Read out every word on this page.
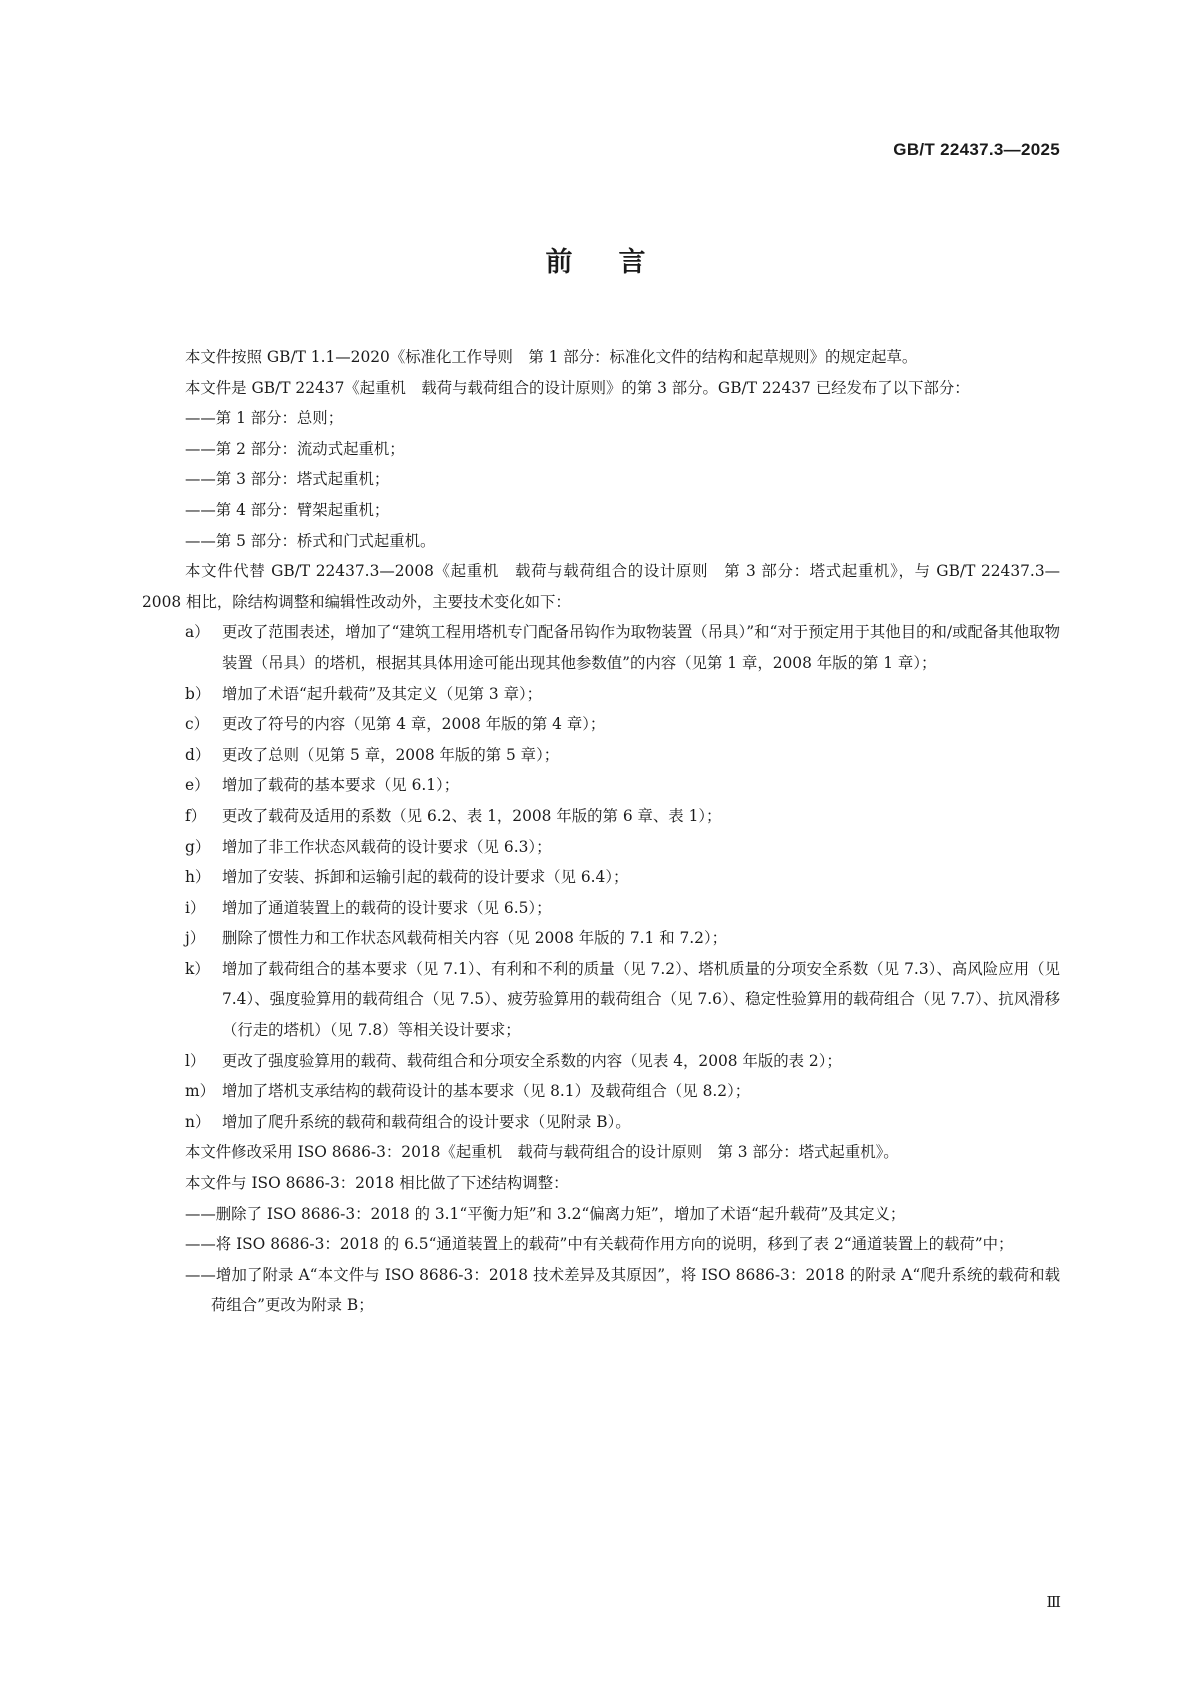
GB/T 22437.3—2025
前言

本文件按照 GB/T 1.1—2020《标准化工作导则　第 1 部分：标准化文件的结构和起草规则》的规定起草。

本文件是 GB/T 22437《起重机　载荷与载荷组合的设计原则》的第 3 部分。GB/T 22437 已经发布了以下部分：

——第 1 部分：总则；

——第 2 部分：流动式起重机；

——第 3 部分：塔式起重机；

——第 4 部分：臂架起重机；

——第 5 部分：桥式和门式起重机。

本文件代替 GB/T 22437.3—2008《起重机　载荷与载荷组合的设计原则　第 3 部分：塔式起重机》，与 GB/T 22437.3—2008 相比，除结构调整和编辑性改动外，主要技术变化如下：

a） 更改了范围表述，增加了“建筑工程用塔机专门配备吊钩作为取物装置（吊具）”和“对于预定用于其他目的和/或配备其他取物装置（吊具）的塔机，根据其具体用途可能出现其他参数值”的内容（见第 1 章，2008 年版的第 1 章）；
b） 增加了术语“起升载荷”及其定义（见第 3 章）；
c） 更改了符号的内容（见第 4 章，2008 年版的第 4 章）；
d） 更改了总则（见第 5 章，2008 年版的第 5 章）；
e） 增加了载荷的基本要求（见 6.1）；
f）	更改了载荷及适用的系数（见 6.2、表 1，2008 年版的第 6 章、表 1）；
g） 增加了非工作状态风载荷的设计要求（见 6.3）；
h） 增加了安装、拆卸和运输引起的载荷的设计要求（见 6.4）；
i）	增加了通道装置上的载荷的设计要求（见 6.5）；
j）	删除了惯性力和工作状态风载荷相关内容（见 2008 年版的 7.1 和 7.2）；
k） 增加了载荷组合的基本要求（见 7.1）、有利和不利的质量（见 7.2）、塔机质量的分项安全系数（见 7.3）、高风险应用（见 7.4）、强度验算用的载荷组合（见 7.5）、疲劳验算用的载荷组合（见 7.6）、稳定性验算用的载荷组合（见 7.7）、抗风滑移（行走的塔机）（见 7.8）等相关设计要求；
l）	更改了强度验算用的载荷、载荷组合和分项安全系数的内容（见表 4，2008 年版的表 2）；
m） 增加了塔机支承结构的载荷设计的基本要求（见 8.1）及载荷组合（见 8.2）；
n） 增加了爬升系统的载荷和载荷组合的设计要求（见附录 B）。

本文件修改采用 ISO 8686-3：2018《起重机　载荷与载荷组合的设计原则　第 3 部分：塔式起重机》。

本文件与 ISO 8686-3：2018 相比做了下述结构调整：

——删除了 ISO 8686-3：2018 的 3.1“平衡力矩”和 3.2“偏离力矩”，增加了术语“起升载荷”及其定义；

——将 ISO 8686-3：2018 的 6.5“通道装置上的载荷”中有关载荷作用方向的说明，移到了表 2“通道装置上的载荷”中；

——增加了附录 A“本文件与 ISO 8686-3：2018 技术差异及其原因”，将 ISO 8686-3：2018 的附录 A“爬升系统的载荷和载荷组合”更改为附录 B；

Ⅲ
